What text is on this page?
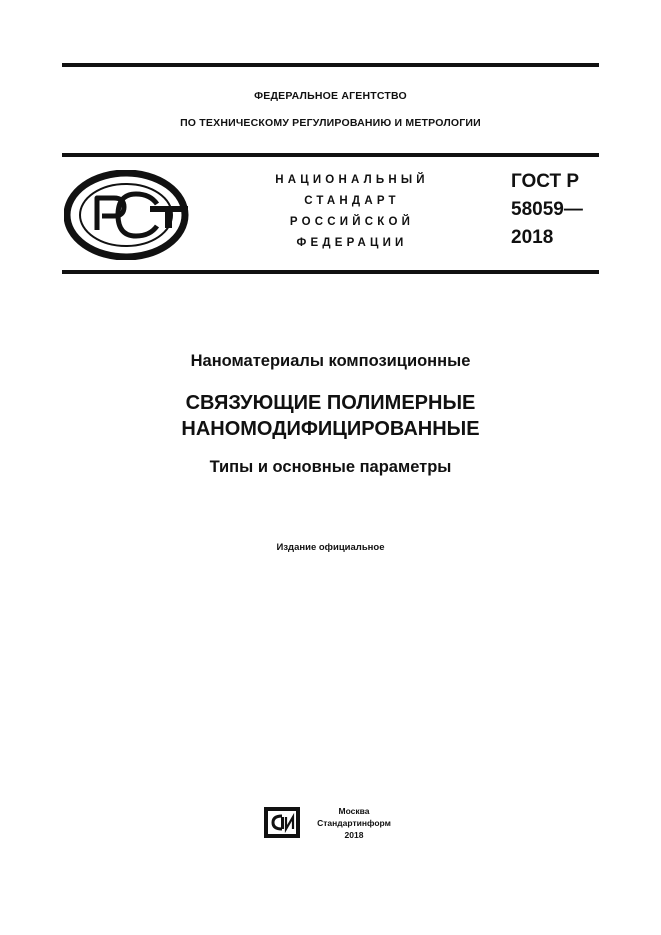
ФЕДЕРАЛЬНОЕ АГЕНТСТВО
ПО ТЕХНИЧЕСКОМУ РЕГУЛИРОВАНИЮ И МЕТРОЛОГИИ
НАЦИОНАЛЬНЫЙ
СТАНДАРТ
РОССИЙСКОЙ
ФЕДЕРАЦИИ
ГОСТ Р
58059—
2018
Наноматериалы композиционные
СВЯЗУЮЩИЕ ПОЛИМЕРНЫЕ
НАНОМОДИФИЦИРОВАННЫЕ
Типы и основные параметры
Издание официальное
Москва
Стандартинформ
2018
